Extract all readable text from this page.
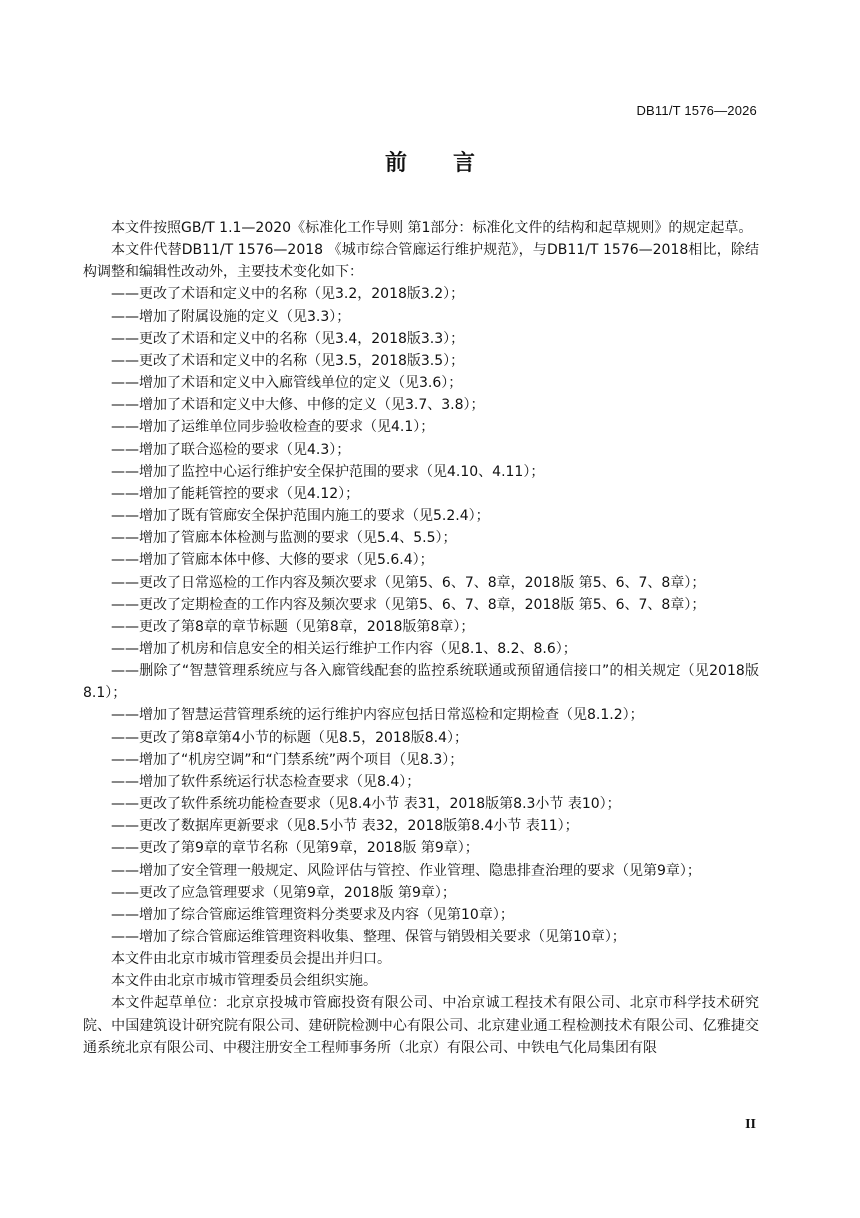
DB11/T 1576—2026
前言

本文件按照GB/T 1.1—2020《标准化工作导则 第1部分：标准化文件的结构和起草规则》的规定起草。

本文件代替DB11/T 1576—2018 《城市综合管廊运行维护规范》，与DB11/T 1576—2018相比，除结构调整和编辑性改动外，主要技术变化如下：

——更改了术语和定义中的名称（见3.2，2018版3.2）；

——增加了附属设施的定义（见3.3）；

——更改了术语和定义中的名称（见3.4，2018版3.3）；

——更改了术语和定义中的名称（见3.5，2018版3.5）；

——增加了术语和定义中入廊管线单位的定义（见3.6）；

——增加了术语和定义中大修、中修的定义（见3.7、3.8）；

——增加了运维单位同步验收检查的要求（见4.1）；

——增加了联合巡检的要求（见4.3）；

——增加了监控中心运行维护安全保护范围的要求（见4.10、4.11）；

——增加了能耗管控的要求（见4.12）；

——增加了既有管廊安全保护范围内施工的要求（见5.2.4）；

——增加了管廊本体检测与监测的要求（见5.4、5.5）；

——增加了管廊本体中修、大修的要求（见5.6.4）；

——更改了日常巡检的工作内容及频次要求（见第5、6、7、8章，2018版 第5、6、7、8章）；

——更改了定期检查的工作内容及频次要求（见第5、6、7、8章，2018版 第5、6、7、8章）；

——更改了第8章的章节标题（见第8章，2018版第8章）；

——增加了机房和信息安全的相关运行维护工作内容（见8.1、8.2、8.6）；

——删除了“智慧管理系统应与各入廊管线配套的监控系统联通或预留通信接口”的相关规定（见2018版 8.1）；

——增加了智慧运营管理系统的运行维护内容应包括日常巡检和定期检查（见8.1.2）；

——更改了第8章第4小节的标题（见8.5，2018版8.4）；

——增加了“机房空调”和“门禁系统”两个项目（见8.3）；

——增加了软件系统运行状态检查要求（见8.4）；

——更改了软件系统功能检查要求（见8.4小节 表31，2018版第8.3小节 表10）；

——更改了数据库更新要求（见8.5小节 表32，2018版第8.4小节 表11）；

——更改了第9章的章节名称（见第9章，2018版 第9章）；

——增加了安全管理一般规定、风险评估与管控、作业管理、隐患排查治理的要求（见第9章）；

——更改了应急管理要求（见第9章，2018版 第9章）；

——增加了综合管廊运维管理资料分类要求及内容（见第10章）；

——增加了综合管廊运维管理资料收集、整理、保管与销毁相关要求（见第10章）；

本文件由北京市城市管理委员会提出并归口。

本文件由北京市城市管理委员会组织实施。

本文件起草单位：北京京投城市管廊投资有限公司、中冶京诚工程技术有限公司、北京市科学技术研究院、中国建筑设计研究院有限公司、建研院检测中心有限公司、北京建业通工程检测技术有限公司、亿雅捷交通系统北京有限公司、中稷注册安全工程师事务所（北京）有限公司、中铁电气化局集团有限

II
